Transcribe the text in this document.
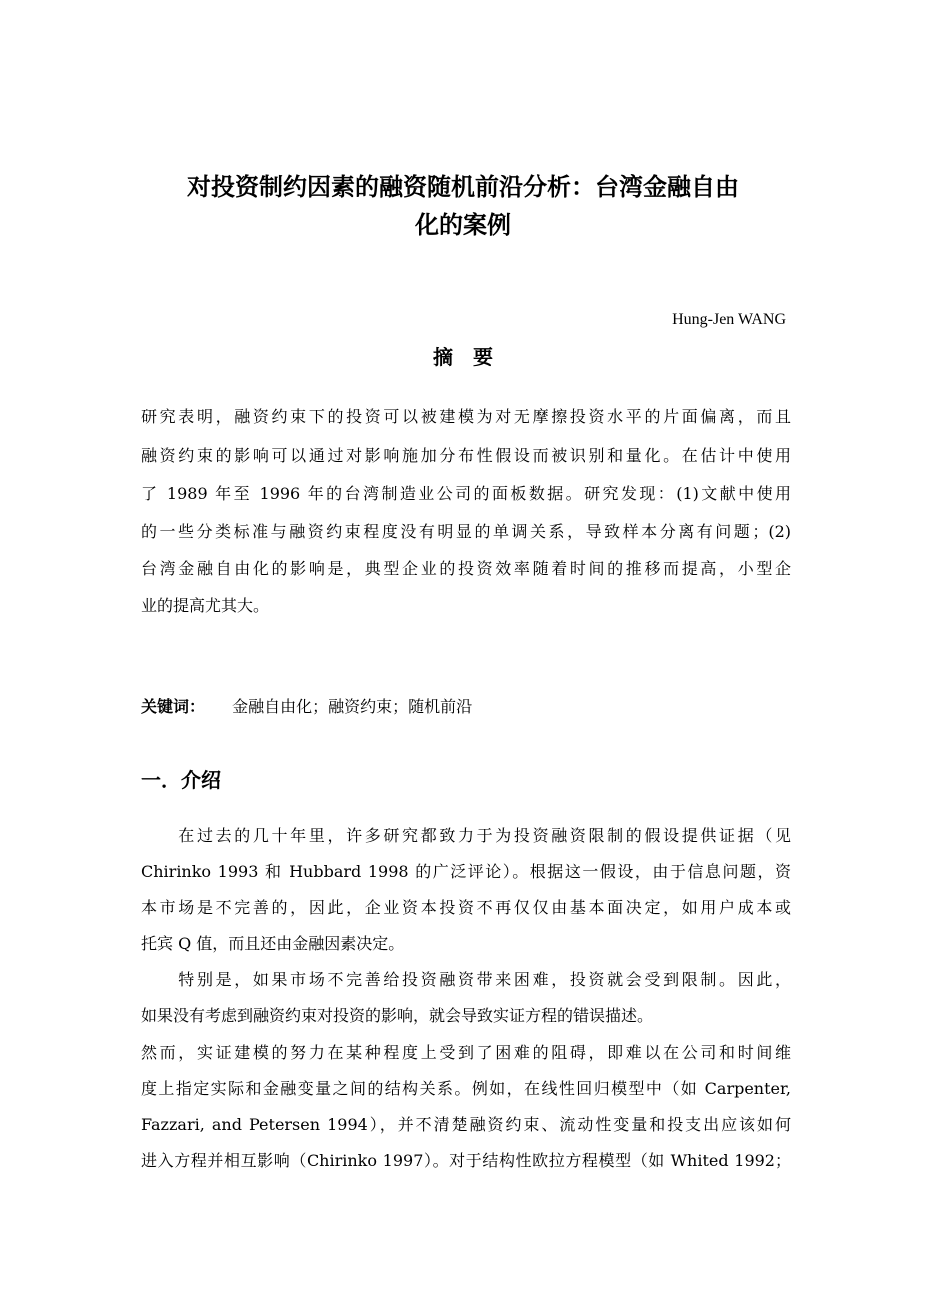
对投资制约因素的融资随机前沿分析：台湾金融自由
化的案例
Hung-Jen WANG
摘　要
研究表明，融资约束下的投资可以被建模为对无摩擦投资水平的片面偏离，而且
融资约束的影响可以通过对影响施加分布性假设而被识别和量化。在估计中使用
了 1989 年至 1996 年的台湾制造业公司的面板数据。研究发现：(1)文献中使用
的一些分类标准与融资约束程度没有明显的单调关系，导致样本分离有问题；(2)
台湾金融自由化的影响是，典型企业的投资效率随着时间的推移而提高，小型企
业的提高尤其大。
关键词： 金融自由化；融资约束；随机前沿
一．介绍
　　在过去的几十年里，许多研究都致力于为投资融资限制的假设提供证据（见
Chirinko 1993 和 Hubbard 1998 的广泛评论）。根据这一假设，由于信息问题，资
本市场是不完善的，因此，企业资本投资不再仅仅由基本面决定，如用户成本或
托宾 Q 值，而且还由金融因素决定。
　　特别是，如果市场不完善给投资融资带来困难，投资就会受到限制。因此，
如果没有考虑到融资约束对投资的影响，就会导致实证方程的错误描述。
然而，实证建模的努力在某种程度上受到了困难的阻碍，即难以在公司和时间维
度上指定实际和金融变量之间的结构关系。例如，在线性回归模型中（如 Carpenter,
Fazzari, and Petersen 1994），并不清楚融资约束、流动性变量和投支出应该如何
进入方程并相互影响（Chirinko 1997）。对于结构性欧拉方程模型（如 Whited 1992；
